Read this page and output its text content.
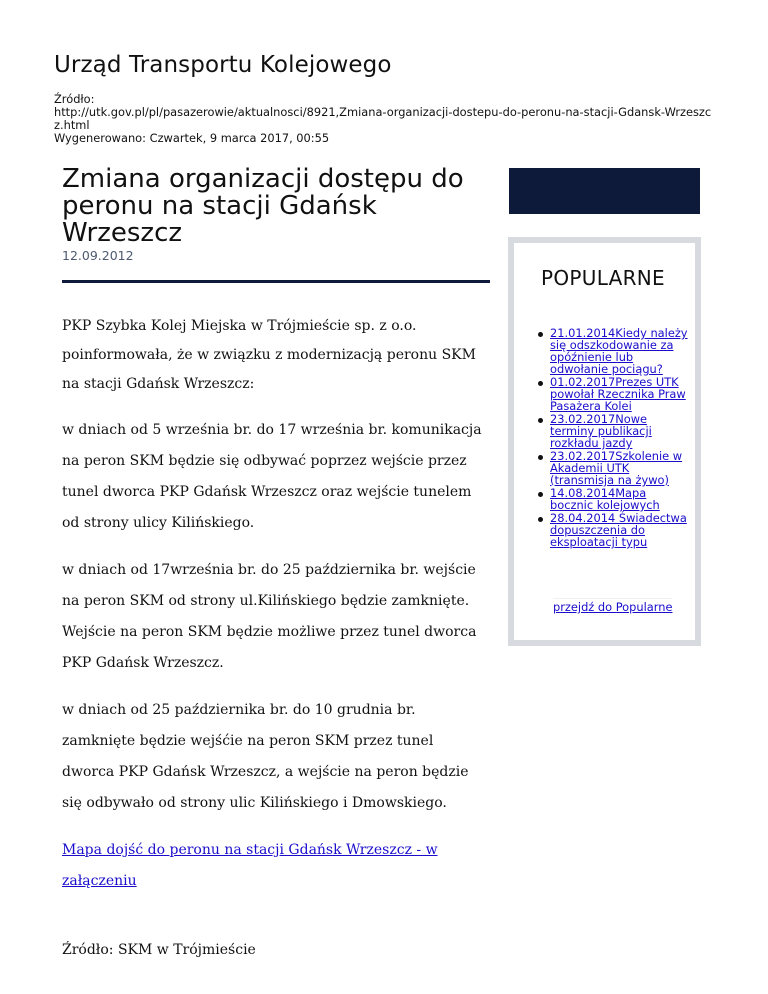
Urząd Transportu Kolejowego
Źródło:
http://utk.gov.pl/pl/pasazerowie/aktualnosci/8921,Zmiana-organizacji-dostepu-do-peronu-na-stacji-Gdansk-Wrzeszcz.html
Wygenerowano: Czwartek, 9 marca 2017, 00:55
Zmiana organizacji dostępu do peronu na stacji Gdańsk Wrzeszcz
12.09.2012

PKP Szybka Kolej Miejska w Trójmieście sp. z o.o. poinformowała, że w związku z modernizacją peronu SKM na stacji Gdańsk Wrzeszcz:

w dniach od 5 września br. do 17 września br. komunikacja na peron SKM będzie się odbywać poprzez wejście przez tunel dworca PKP Gdańsk Wrzeszcz oraz wejście tunelem od strony ulicy Kilińskiego.

w dniach od 17września br. do 25 października br. wejście na peron SKM od strony ul.Kilińskiego będzie zamknięte. Wejście na peron SKM będzie możliwe przez tunel dworca PKP Gdańsk Wrzeszcz.

w dniach od 25 października br. do 10 grudnia br. zamknięte będzie wejśćie na peron SKM przez tunel dworca PKP Gdańsk Wrzeszcz, a wejście na peron będzie się odbywało od strony ulic Kilińskiego i Dmowskiego.

Mapa dojść do peronu na stacji Gdańsk Wrzeszcz - w załączeniu

Źródło: SKM w Trójmieście

POPULARNE
21.01.2014Kiedy należy się odszkodowanie za opóźnienie lub odwołanie pociągu?
01.02.2017Prezes UTK powołał Rzecznika Praw Pasażera Kolei
23.02.2017Nowe terminy publikacji rozkładu jazdy
23.02.2017Szkolenie w Akademii UTK (transmisja na żywo)
14.08.2014Mapa bocznic kolejowych
28.04.2014 Świadectwa dopuszczenia do eksploatacji typu
przejdź do Popularne
